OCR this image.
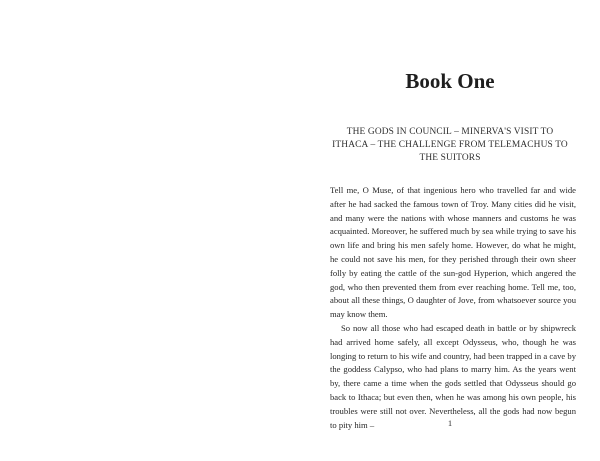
Book One

THE GODS IN COUNCIL – MINERVA'S VISIT TO ITHACA – THE CHALLENGE FROM TELEMACHUS TO THE SUITORS

Tell me, O Muse, of that ingenious hero who travelled far and wide after he had sacked the famous town of Troy. Many cities did he visit, and many were the nations with whose manners and customs he was acquainted. Moreover, he suffered much by sea while trying to save his own life and bring his men safely home. However, do what he might, he could not save his men, for they perished through their own sheer folly by eating the cattle of the sun-god Hyperion, which angered the god, who then prevented them from ever reaching home. Tell me, too, about all these things, O daughter of Jove, from whatsoever source you may know them.

So now all those who had escaped death in battle or by shipwreck had arrived home safely, all except Odysseus, who, though he was longing to return to his wife and country, had been trapped in a cave by the goddess Calypso, who had plans to marry him. As the years went by, there came a time when the gods settled that Odysseus should go back to Ithaca; but even then, when he was among his own people, his troubles were still not over. Nevertheless, all the gods had now begun to pity him –	1
